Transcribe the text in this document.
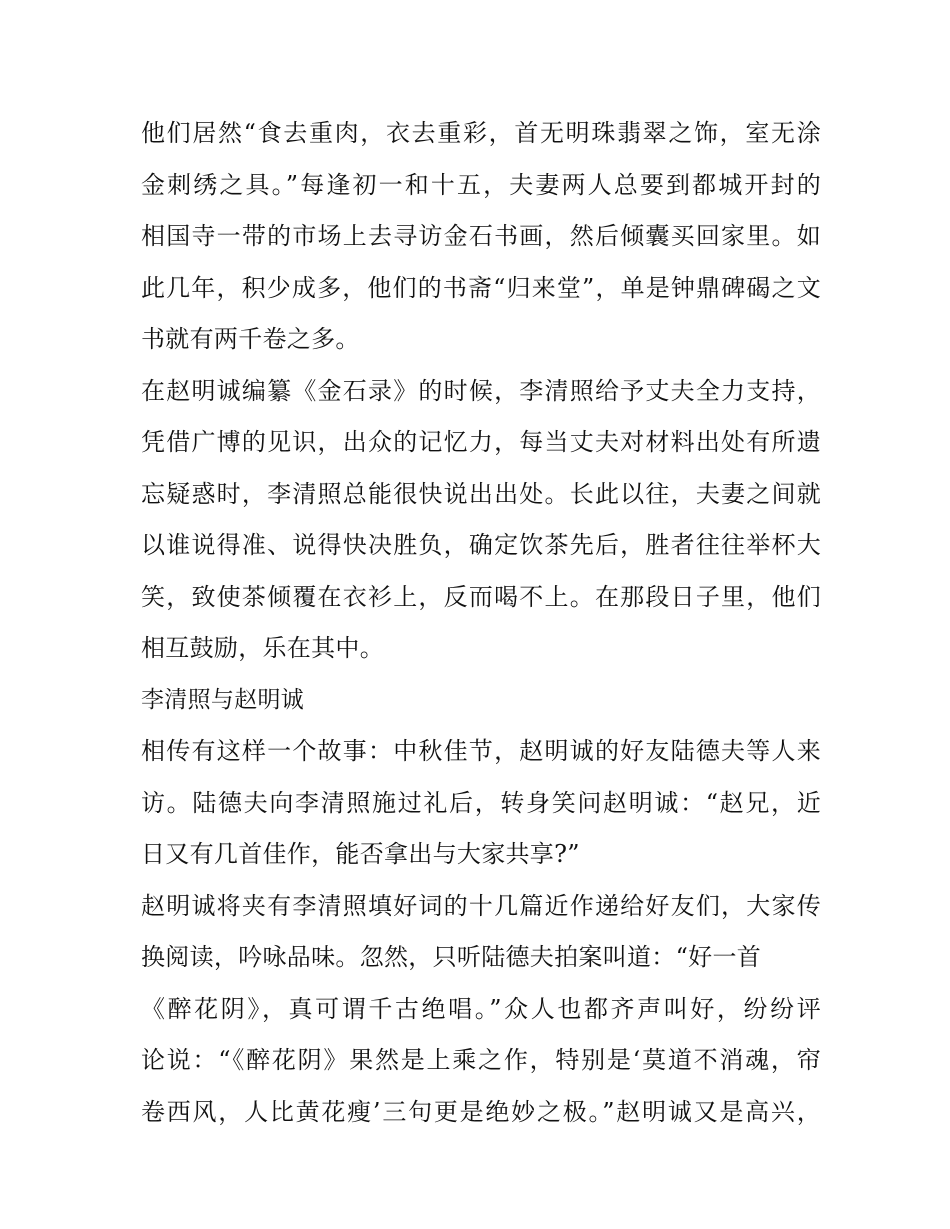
他们居然“食去重肉，衣去重彩，首无明珠翡翠之饰，室无涂
金刺绣之具。”每逢初一和十五，夫妻两人总要到都城开封的
相国寺一带的市场上去寻访金石书画，然后倾囊买回家里。如
此几年，积少成多，他们的书斋“归来堂”，单是钟鼎碑碣之文
书就有两千卷之多。
在赵明诚编纂《金石录》的时候，李清照给予丈夫全力支持，
凭借广博的见识，出众的记忆力，每当丈夫对材料出处有所遗
忘疑惑时，李清照总能很快说出出处。长此以往，夫妻之间就
以谁说得准、说得快决胜负，确定饮茶先后，胜者往往举杯大
笑，致使茶倾覆在衣衫上，反而喝不上。在那段日子里，他们
相互鼓励，乐在其中。
李清照与赵明诚
相传有这样一个故事：中秋佳节，赵明诚的好友陆德夫等人来
访。陆德夫向李清照施过礼后，转身笑问赵明诚：“赵兄，近
日又有几首佳作，能否拿出与大家共享?”
赵明诚将夹有李清照填好词的十几篇近作递给好友们，大家传
换阅读，吟咏品味。忽然，只听陆德夫拍案叫道：“好一首
《醉花阴》，真可谓千古绝唱。”众人也都齐声叫好，纷纷评
论说：“《醉花阴》果然是上乘之作，特别是‘莫道不消魂，帘
卷西风，人比黄花瘦’三句更是绝妙之极。”赵明诚又是高兴，
